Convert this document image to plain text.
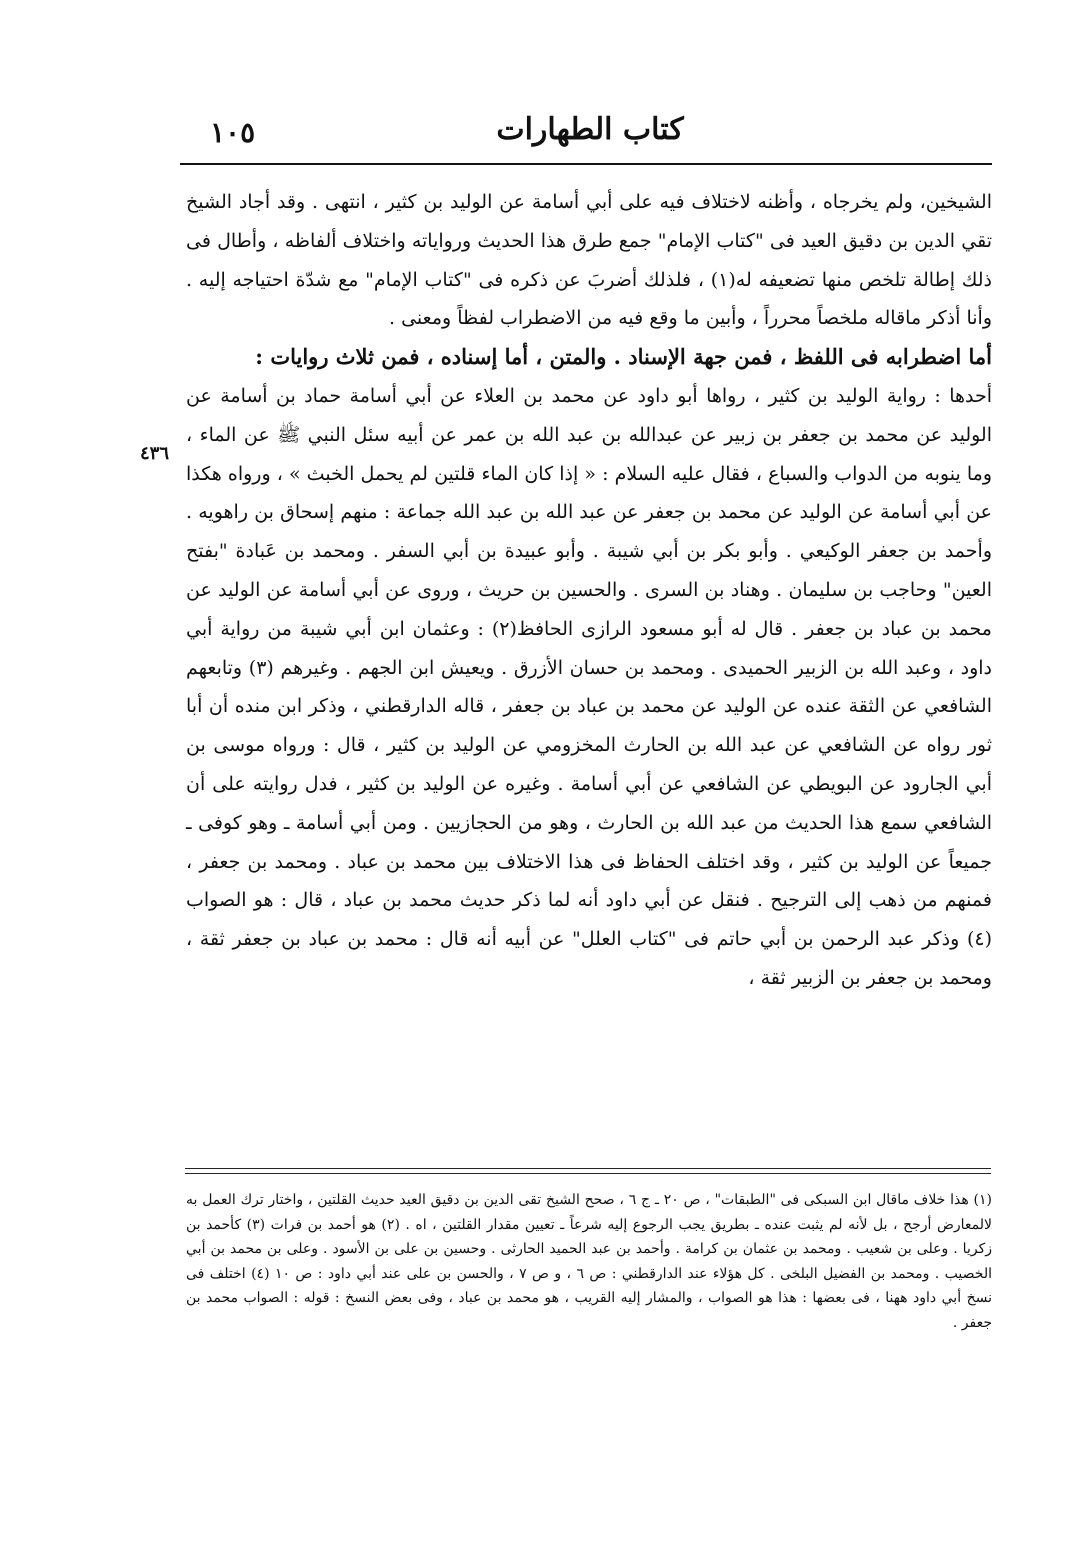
١٠٥	كتاب الطهارات
٤٣٦

الشيخين، ولم يخرجاه ، وأظنه لاختلاف فيه على أبي أسامة عن الوليد بن كثير ، انتهى . وقد أجاد الشيخ تقي الدين بن دقيق العيد فى "كتاب الإمام" جمع طرق هذا الحديث ورواياته واختلاف ألفاظه ، وأطال فى ذلك إطالة تلخص منها تضعيفه له(١) ، فلذلك أضربَ عن ذكره فى "كتاب الإمام" مع شدّة احتياجه إليه . وأنا أذكر ماقاله ملخصاً محرراً ، وأبين ما وقع فيه من الاضطراب لفظاً ومعنى .

أما اضطرابه فى اللفظ ، فمن جهة الإسناد . والمتن ، أما إسناده ، فمن ثلاث روايات :

أحدها : رواية الوليد بن كثير ، رواها أبو داود عن محمد بن العلاء عن أبي أسامة حماد بن أسامة عن الوليد عن محمد بن جعفر بن زبير عن عبدالله بن عبد الله بن عمر عن أبيه سئل النبي ﷺ عن الماء ، وما ينوبه من الدواب والسباع ، فقال عليه السلام : « إذا كان الماء قلتين لم يحمل الخبث » ، ورواه هكذا عن أبي أسامة عن الوليد عن محمد بن جعفر عن عبد الله بن عبد الله جماعة : منهم إسحاق بن راهويه . وأحمد بن جعفر الوكيعي . وأبو بكر بن أبي شيبة . وأبو عبيدة بن أبي السفر . ومحمد بن عَبادة "بفتح العين" وحاجب بن سليمان . وهناد بن السرى . والحسين بن حريث ، وروى عن أبي أسامة عن الوليد عن محمد بن عباد بن جعفر . قال له أبو مسعود الرازى الحافظ(٢) : وعثمان ابن أبي شيبة من رواية أبي داود ، وعبد الله بن الزبير الحميدى . ومحمد بن حسان الأزرق . ويعيش ابن الجهم . وغيرهم (٣) وتابعهم الشافعي عن الثقة عنده عن الوليد عن محمد بن عباد بن جعفر ، قاله الدارقطني ، وذكر ابن منده أن أبا ثور رواه عن الشافعي عن عبد الله بن الحارث المخزومي عن الوليد بن كثير ، قال : ورواه موسى بن أبي الجارود عن البويطي عن الشافعي عن أبي أسامة . وغيره عن الوليد بن كثير ، فدل روايته على أن الشافعي سمع هذا الحديث من عبد الله بن الحارث ، وهو من الحجازيين . ومن أبي أسامة ـ وهو كوفى ـ جميعاً عن الوليد بن كثير ، وقد اختلف الحفاظ فى هذا الاختلاف بين محمد بن عباد . ومحمد بن جعفر ، فمنهم من ذهب إلى الترجيح . فنقل عن أبي داود أنه لما ذكر حديث محمد بن عباد ، قال : هو الصواب (٤) وذكر عبد الرحمن بن أبي حاتم فى "كتاب العلل" عن أبيه أنه قال : محمد بن عباد بن جعفر ثقة ، ومحمد بن جعفر بن الزبير ثقة ،

(١) هذا خلاف ماقال ابن السبكى فى "الطبقات" ، ص ٢٠ ـ ج ٦ ، صحح الشيخ تقى الدين بن دقيق العيد حديث القلتين ، واختار ترك العمل به لالمعارض أرجح ، بل لأنه لم يثبت عنده ـ بطريق يجب الرجوع إليه شرعاً ـ تعيين مقدار القلتين ، اه . (٢) هو أحمد بن فرات (٣) كأحمد بن زكريا . وعلى بن شعيب . ومحمد بن عثمان بن كرامة . وأحمد بن عبد الحميد الحارثى . وحسين بن على بن الأسود . وعلى بن محمد بن أبي الخصيب . ومحمد بن الفضيل البلخى . كل هؤلاء عند الدارقطني : ص ٦ ، و ص ٧ ، والحسن بن على عند أبي داود : ص ١٠ (٤) اختلف فى نسخ أبي داود ههنا ، فى بعضها : هذا هو الصواب ، والمشار إليه القريب ، هو محمد بن عباد ، وفى بعض النسخ : قوله : الصواب محمد بن جعفر .
